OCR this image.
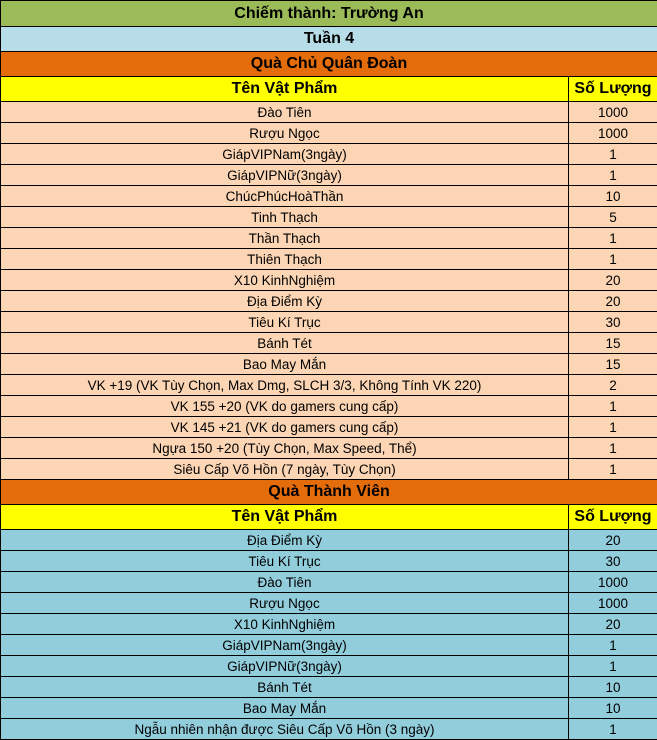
Chiếm thành: Trường An	
Tuần 4	
Quà Chủ Quân Đoàn	
Tên Vật Phẩm	Số Lượng
Đào Tiên	1000
Rượu Ngọc	1000
GiápVIPNam(3ngày)	1
GiápVIPNữ(3ngày)	1
ChúcPhúcHoàThần	10
Tinh Thạch	5
Thần Thạch	1
Thiên Thạch	1
X10 KinhNghiệm	20
Địa Điểm Kỳ	20
Tiêu Kí Trục	30
Bánh Tét	15
Bao May Mắn	15
VK +19 (VK Tùy Chọn, Max Dmg, SLCH 3/3, Không Tính VK 220)	2
VK 155 +20 (VK do gamers cung cấp)	1
VK 145 +21 (VK do gamers cung cấp)	1
Ngựa 150 +20 (Tùy Chọn, Max Speed, Thể)	1
Siêu Cấp Võ Hồn (7 ngày, Tùy Chọn)	1
Quà Thành Viên	
Tên Vật Phẩm	Số Lượng
Địa Điểm Kỳ	20
Tiêu Kí Trục	30
Đào Tiên	1000
Rượu Ngọc	1000
X10 KinhNghiệm	20
GiápVIPNam(3ngày)	1
GiápVIPNữ(3ngày)	1
Bánh Tét	10
Bao May Mắn	10
Ngẫu nhiên nhận được Siêu Cấp Võ Hồn (3 ngày)	1
